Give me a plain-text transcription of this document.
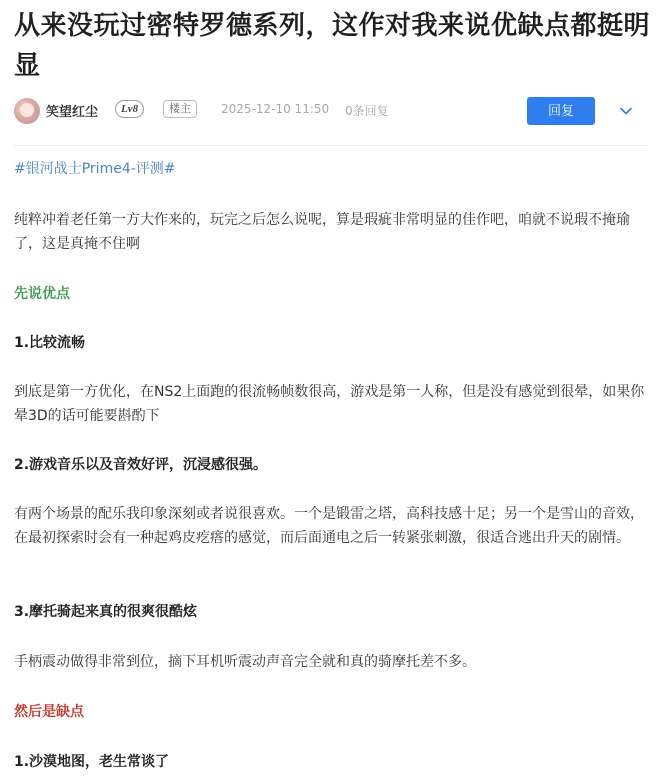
从来没玩过密特罗德系列，这作对我来说优缺点都挺明显
笑望红尘	Lv8	楼主	2025-12-10 11:50 0条回复	回复
#银河战士Prime4-评测#
纯粹冲着老任第一方大作来的，玩完之后怎么说呢，算是瑕疵非常明显的佳作吧，咱就不说瑕不掩瑜了，这是真掩不住啊
先说优点
1.比较流畅
到底是第一方优化，在NS2上面跑的很流畅帧数很高，游戏是第一人称，但是没有感觉到很晕，如果你晕3D的话可能要斟酌下
2.游戏音乐以及音效好评，沉浸感很强。
有两个场景的配乐我印象深刻或者说很喜欢。一个是锻雷之塔，高科技感十足；另一个是雪山的音效，在最初探索时会有一种起鸡皮疙瘩的感觉，而后面通电之后一转紧张刺激，很适合逃出升天的剧情。
3.摩托骑起来真的很爽很酷炫
手柄震动做得非常到位，摘下耳机听震动声音完全就和真的骑摩托差不多。
然后是缺点
1.沙漠地图，老生常谈了
